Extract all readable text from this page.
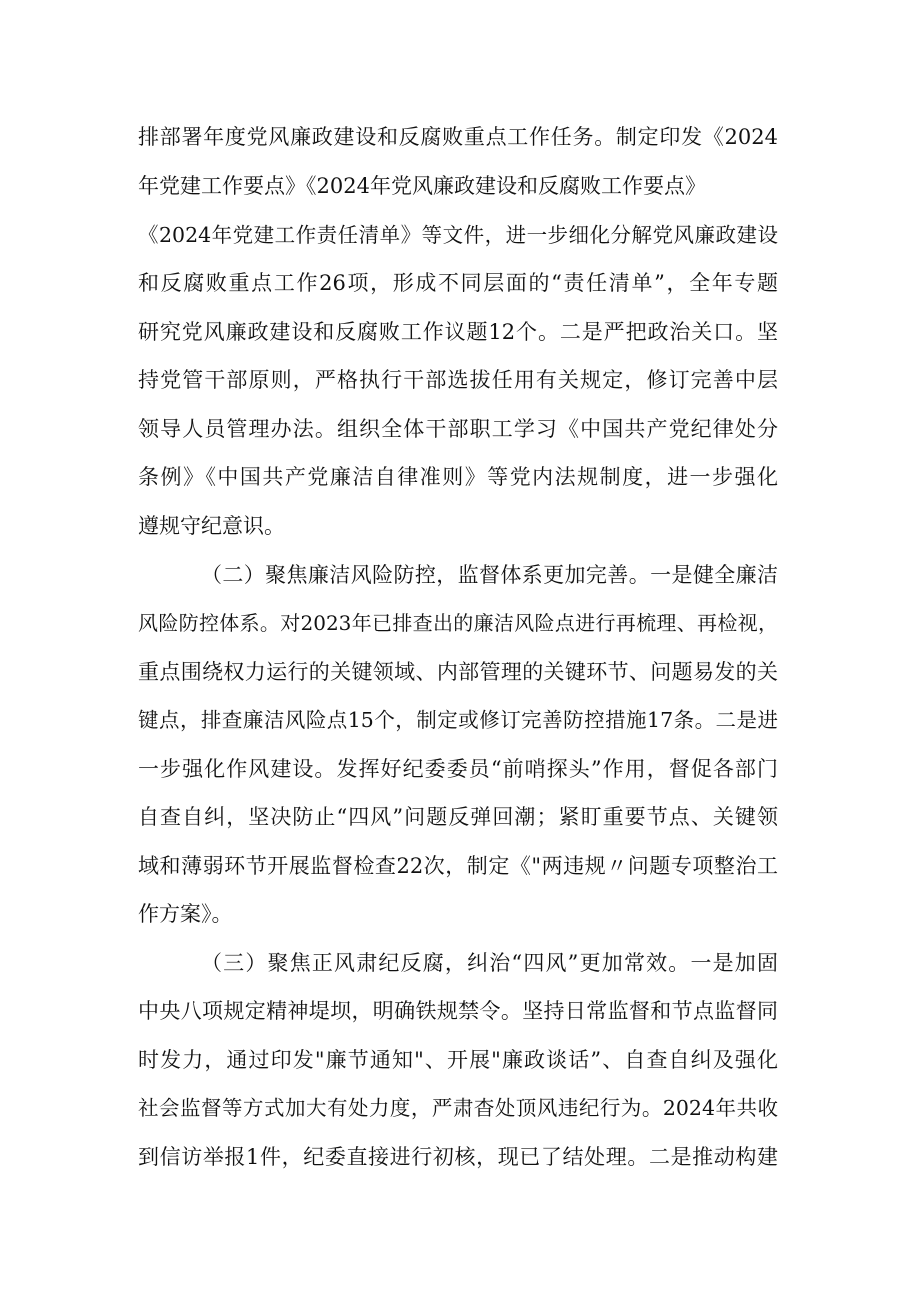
排部署年度党风廉政建设和反腐败重点工作任务。制定印发《2024
年党建工作要点》《2024年党风廉政建设和反腐败工作要点》
《2024年党建工作责任清单》等文件，进一步细化分解党风廉政建设
和反腐败重点工作26项，形成不同层面的“责任清单”，全年专题
研究党风廉政建设和反腐败工作议题12个。二是严把政治关口。坚
持党管干部原则，严格执行干部选拔任用有关规定，修订完善中层
领导人员管理办法。组织全体干部职工学习《中国共产党纪律处分
条例》《中国共产党廉洁自律准则》等党内法规制度，进一步强化
遵规守纪意识。
（二）聚焦廉洁风险防控，监督体系更加完善。一是健全廉洁
风险防控体系。对2023年已排查出的廉洁风险点进行再梳理、再检视，
重点围绕权力运行的关键领域、内部管理的关键环节、问题易发的关
键点，排查廉洁风险点15个，制定或修订完善防控措施17条。二是进
一步强化作风建设。发挥好纪委委员“前哨探头”作用，督促各部门
自查自纠，坚决防止“四风”问题反弹回潮；紧盯重要节点、关键领
域和薄弱环节开展监督检查22次，制定《"两违规〃问题专项整治工
作方案》。
（三）聚焦正风肃纪反腐，纠治“四风”更加常效。一是加固
中央八项规定精神堤坝，明确铁规禁令。坚持日常监督和节点监督同
时发力，通过印发"廉节通知"、开展"廉政谈话”、自查自纠及强化
社会监督等方式加大有处力度，严肃杳处顶风违纪行为。2024年共收
到信访举报1件，纪委直接进行初核，现已了结处理。二是推动构建
